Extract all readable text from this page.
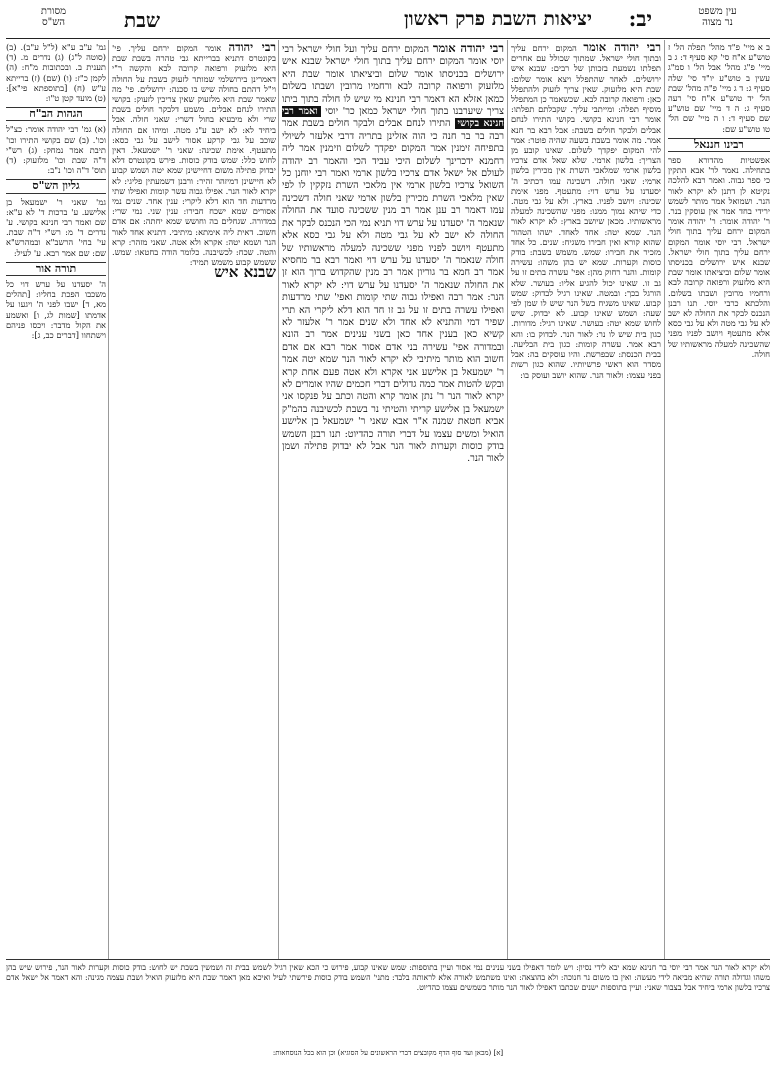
עין משפט
נר מצוה
יב:
יציאות השבת פרק ראשון
שבת
מסורת
הש"ס
ב א מיי' פ"ד מהל' תפלה הל' ז טוש"ע א"ח סי' קא סעיף ד: ג ב מיי' פ"ג מהל' אבל הל' ו סמ"ג עשין ב טוש"ע יו"ד סי' שלה סעיף ג: ד ג מיי' פ"ה מהל' שבת הל' יד טוש"ע א"ח סי' רעה סעיף ג: ה ד מיי' שם טוש"ע שם סעיף ד: ו ה מיי' שם הל' טו טוש"ע שם:
רבינו חננאל
אפשטיות מהדורא ספר בתחילה. נאמר לר' אבא התקין כי ספר גבוה. ואמר רבא להלכה נקיטא לן דתנן לא יקרא לאור הנר. ושמואל אמר מותר לשמש ירידי בחד אמר אין עוסקין בנר. ר' יהודה אומר: ר' יהודה אומר המקום ירחם עליך בתוך חולי ישראל. רבי יוסי אומר המקום ירחם עליך בתוך חולי ישראל. שבנא איש ירושלים בכניסתו אומר שלום וביציאתו אומר שבת היא מלזעוק ורפואה קרובה לבא ורחמיו מרובין ושבתו בשלום. והלכתא כרבי יוסי. תנו רבנן הנכנס לבקר את החולה לא ישב לא על גבי מטה ולא על גבי כסא אלא מתעטף ויושב לפניו מפני שהשכינה למעלה מראשותיו של חולה.
רבי יהודה אומר המקום ירחם עליך ובתוך חולי ישראל. שמתוך שכולל עם אחרים תפלתו נשמעת בזכותן של רבים: שבנא איש ירושלים. לאחר שהתפלל ויצא אומר שלום: שבת היא מלזעוק. שאין צריך לזעוק ולהתפלל כאן: ורפואה קרובה לבא. שכשאמר כן המתפלל מוסיף תפלה: ומייתבי עליך. שקבלתם תפלתו: אומר רבי חנינא בקושי. בקושי התירו לנחם אבלים ולבקר חולים בשבת: אבל רבא בר חנא אמר. מה אומר בשבת בשעה שהיה פוטר: אמר להי המקום יפקדך לשלום. שאינו קובע מן הצריך: בלשון ארמי. שלא שאל אדם צרכיו בלשון ארמי שמלאכי השרת אין מכירין בלשון ארמי: שאני חולה. דשכינה עמו דכתיב ה' יסעדנו על ערש דוי: מתעטף. מפני אימת שכינה: ויושב לפניו. בארץ. ולא על גבי מטה. כדי שיהא נמוך ממנו: מפני שהשכינה למעלה מראשותיו. מכאן שיושב בארץ: לא יקרא לאור הנר. שמא יטה: אחד לאחד. ישהו הטהור שהוא קורא ואין חבירו משגיח: שנים. כל אחד מזכיר את חבירו: שמש. משמש בשבת: בודק כוסות וקערות. שמא יש בהן משהו: עשירה קומות. והנר רחוק מהן: אפי' עשרה בתים זו על גב זו. שאינו יכול להגיע אליו: בעושר. שלא הורגל בכך: ובמטה. שאינו רגיל לבדוק: שמש קבוע. שאינו משגיח בשל הנר שיש לו שמן לפי שעה: ושמש שאינו קבוע. לא יבדוק. שיש לחוש שמא יטה: בעושר. שאינו רגיל: מדורות. כגון בית שיש לו נר: לאור הנר. לבדוק בו: והא רבא אמר. עשרה קומות: כגון בית הבליעה. בבית הכנסת: שבפרשת. והיו עוסקים בה: אבל מסדר הוא ראשי פרשיותיו. שהוא כגון רשות בפני עצמו: ולאור הנר. שהוא יושב ועוסק בו:
רבי יהודה אומר המקום ירחם עליך ועל חולי ישראל רבי יוסי אומר המקום ירחם עליך בתוך חולי ישראל שבנא איש ירושלים בכניסתו אומר שלום וביציאתו אומר שבת היא מלזעוק ורפואה קרובה לבא ורחמיו מרובין ושבתו בשלום כמאן אזלא הא דאמר רבי חנינא מי שיש לו חולה בתוך ביתו צריך שיערבנו בתוך חולי ישראל כמאן כר' יוסי ואמר רבי חנינא בקושי התירו לנחם אבלים ולבקר חולים בשבת אמר רבה בר בר חנה כי הוה אזלינן בתריה דרבי אלעזר לשיולי בתפיחה זימנין אמר המקום יפקדך לשלום וזימנין אמר ליה רחמנא ידכרינך לשלום היכי עביד הכי והאמר רב יהודה לעולם אל ישאל אדם צרכיו בלשון ארמי ואמר רבי יוחנן כל השואל צרכיו בלשון ארמי אין מלאכי השרת נזקקין לו לפי שאין מלאכי השרת מכירין בלשון ארמי שאני חולה דשכינה עמו דאמר רב ענן אמר רב מנין ששכינה סועד את החולה שנאמר ה' יסעדנו על ערש דוי תניא נמי הכי הנכנס לבקר את החולה לא ישב לא על גבי מטה ולא על גבי כסא אלא מתעטף ויושב לפניו מפני ששכינה למעלה מראשותיו של חולה שנאמר ה' יסעדנו על ערש דוי ואמר רבא בר מחסיא אמר רב חמא בר גוריון אמר רב מנין שהקדוש ברוך הוא זן את החולה שנאמר ה' יסעדנו על ערש דוי: לא יקרא לאור הנר: אמר רבה ואפילו גבוה שתי קומות ואפי' שתי מרדעות ואפילו עשרה בתים זו על גב זו חד הוא דלא ליקרי הא תרי שפיר דמי והתניא לא אחד ולא שנים אמר ר' אלעזר לא קשיא כאן בענין אחד כאן בשני ענינים אמר רב הונא ובמדורה אפי' עשירה בני אדם אסור אמר רבא אם אדם חשוב הוא מותר מיתיבי לא יקרא לאור הנר שמא יטה אמר ר' ישמעאל בן אלישע אני אקרא ולא אטה פעם אחת קרא ובקש להטות אמר כמה גדולים דברי חכמים שהיו אומרים לא יקרא לאור הנר ר' נתן אומר קרא והטה וכתב על פנקסו אני ישמעאל בן אלישע קריתי והטיתי נר בשבת לכשיבנה בהמ"ק אביא חטאת שמנה א"ר אבא שאני ר' ישמעאל בן אלישע הואיל ומשים עצמו על דברי תורה כהדיוט: תנו רבנן השמש בודק כוסות וקערות לאור הנר אבל לא יבדוק פתילה ושמן לאור הנר.
רבי יהודה אומר המקום ירחם עליך. פי' בקונטרס דתניא בברייתא גבי טהרה בשבת שבת היא מלזעוק ורפואה קרובה לבא והקשה ר"י דאמרינן בירושלמי שמותר לזעוק בשבת על החולה וי"ל דהתם בחולה שיש בו סכנה: ירושלים. פי' מה שאמר שבת היא מלזעוק שאין צריכין לזעוק: בקושי התירו לנחם אבלים. משמע דלבקר חולים בשבת שרי ולא מיבעיא בחול דשרי: שאני חולה. אבל ביחיד לא: לא ישב ע"ג מטה. ומיהו אם החולה שוכב על גבי קרקע אסור לישב על גבי כסא: מתעטף. אימת שכינה: שאני ר' ישמעאל. דאין לחוש כלל: שמש בודק כוסות. פירש בקונטרס דלא יבדוק פתילה משום דחיישינן שמא יטה ושמש קבוע לא חיישינן דמיזהר זהיר: ורבנן דשמעתין פליגי: לא יקרא לאור הנר. אפילו גבוה עשר קומות ואפילו שתי מרדעות חד הוא דלא ליקרי: ענין אחד. שנים נמי אסורים שמא ישכח חבירו: ענין שני. נמי שרי: במדורה. שגחלים בה וחושש שמא יחתה: אם אדם חשוב. דאית ליה אימתא: מיתיבי. דתניא אחד לאור הנר ושמא יטה: אקרא ולא אטה. שאני מזהר: קרא והטה. שכח: לכשיבנה. כלומר הודה בחטאו: שמש. ששמש קבוע משמש תמיד:
שבנא איש
גמ' ע"ב ע"א (ל"ל ע"ב). (ב) (סוטה ל"ג) (ג) נדרים מ. (ד) תענית ב. ובכתובות מ"ח: (ה) לקמן כ"ז: (ו) (שם) (ז) ברייתא ע"ש (ח) [בתוספתא פי"א]: (ט) מועד קטן ט"ו:
הגהות הב"ח
(א) גמ' רבי יהודה אומר: כצ"ל וכו'. (ב) שם בקושי התירו וכו' תיבת אמר נמחק: (ג) רש"י ד"ה שבת וכו' מלזעוק: (ד) תוס' ד"ה וכו' נ"ב:
גליון הש"ס
גמ' שאני ר' ישמעאל בן אלישע. ע' ברכות ד' לא ע"א: שם ואמר רבי חנינא בקושי. ע' נדרים ד' מ: רש"י ד"ה שבת. עי' בחי' הרשב"א ובמהרש"א שם: שם אמר רבא. ע' לעיל:
תורה אור
ה' יסעדנו על ערש דוי כל משכבו הפכת בחליו: [תהלים מא, ד] ישבו לפני ה' ויגעו על אדמתו [שמות לג, ו] ואשמע את הקול מדבר: ויכסו פניהם וישתחוו [דברים כב, ג]:
ולא יקרא לאור הנר אמר רבי יוסי בר חנינא שמא יבא לידי נסיון: ויש לומר דאפילו בשני ענינים נמי אסור ועיין בתוספות: שמש שאינו קבוע, פירוש כי הכא שאין רגיל לשמש בבית זה ושמשין בשבת יש לחוש: בודק כוסות וקערות לאור הנר, פירוש שיש בהן משהו וגדולה תורה שהיא מביאה לידי מעשה: ואין בו משום נר חנוכה: ולא בהוצאה: ואינו משתמש לאורה אלא לראותה בלבד: מתני' השמש בודק כוסות פירשתי לעיל ואיכא מאן דאמר שבת היא מלזעוק הואיל ושבת עצמה מגינה: והא דאמר אל ישאל אדם צרכיו בלשון ארמי ביחיד אבל בצבור שאני: ועיין בתוספות ישנים שכתבו דאפילו לאור הנר מותר כשמשים עצמו כהדיוט.
[א] (מכאן ועד סוף הדף מקובצים דברי הראשונים על הסוגיא) וכן הוא בכל הנוסחאות:
